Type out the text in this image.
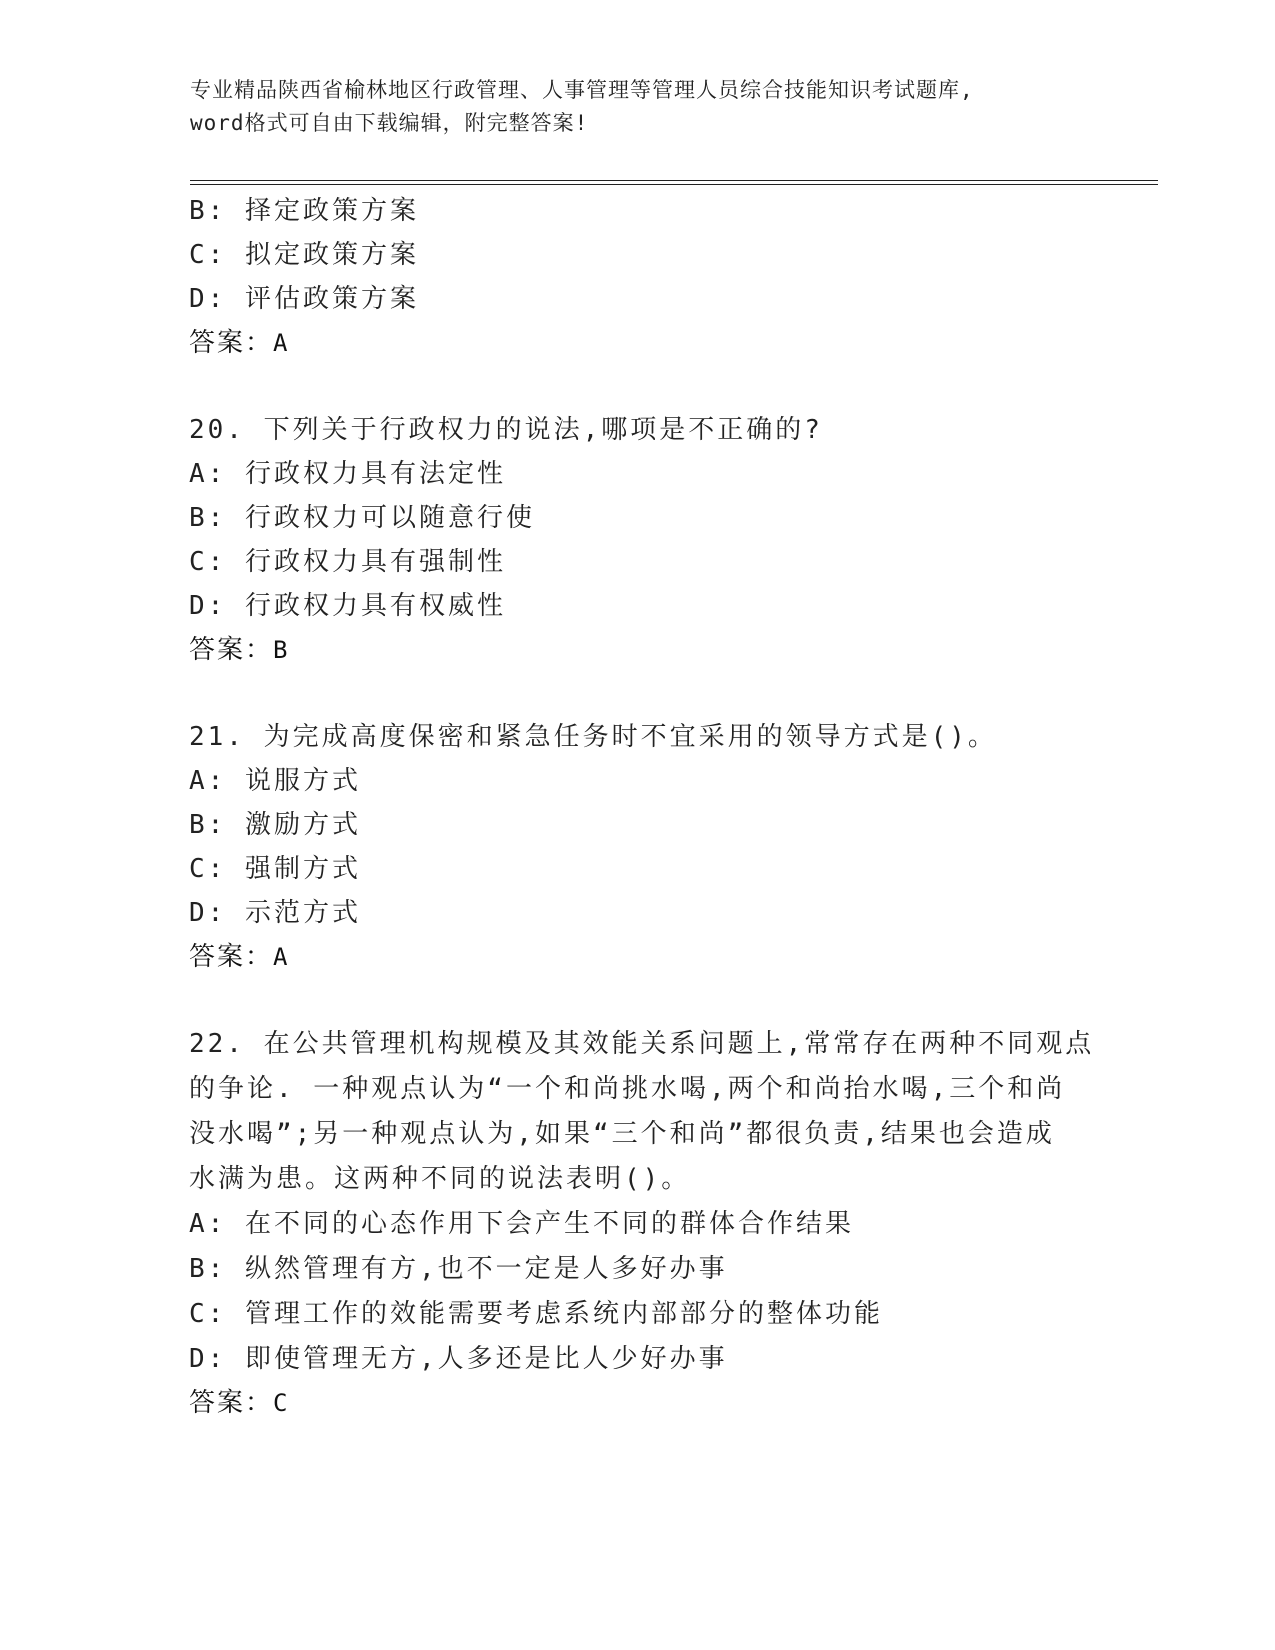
专业精品陕西省榆林地区行政管理、人事管理等管理人员综合技能知识考试题库,
word格式可自由下载编辑，附完整答案!
B: 择定政策方案
C: 拟定政策方案
D: 评估政策方案
答案：A
20. 下列关于行政权力的说法,哪项是不正确的?
A: 行政权力具有法定性
B: 行政权力可以随意行使
C: 行政权力具有强制性
D: 行政权力具有权威性
答案：B
21. 为完成高度保密和紧急任务时不宜采用的领导方式是()。
A: 说服方式
B: 激励方式
C: 强制方式
D: 示范方式
答案：A
22. 在公共管理机构规模及其效能关系问题上,常常存在两种不同观点
的争论. 一种观点认为“一个和尚挑水喝,两个和尚抬水喝,三个和尚
没水喝”;另一种观点认为,如果“三个和尚”都很负责,结果也会造成
水满为患。这两种不同的说法表明()。
A: 在不同的心态作用下会产生不同的群体合作结果
B: 纵然管理有方,也不一定是人多好办事
C: 管理工作的效能需要考虑系统内部部分的整体功能
D: 即使管理无方,人多还是比人少好办事
答案：C
